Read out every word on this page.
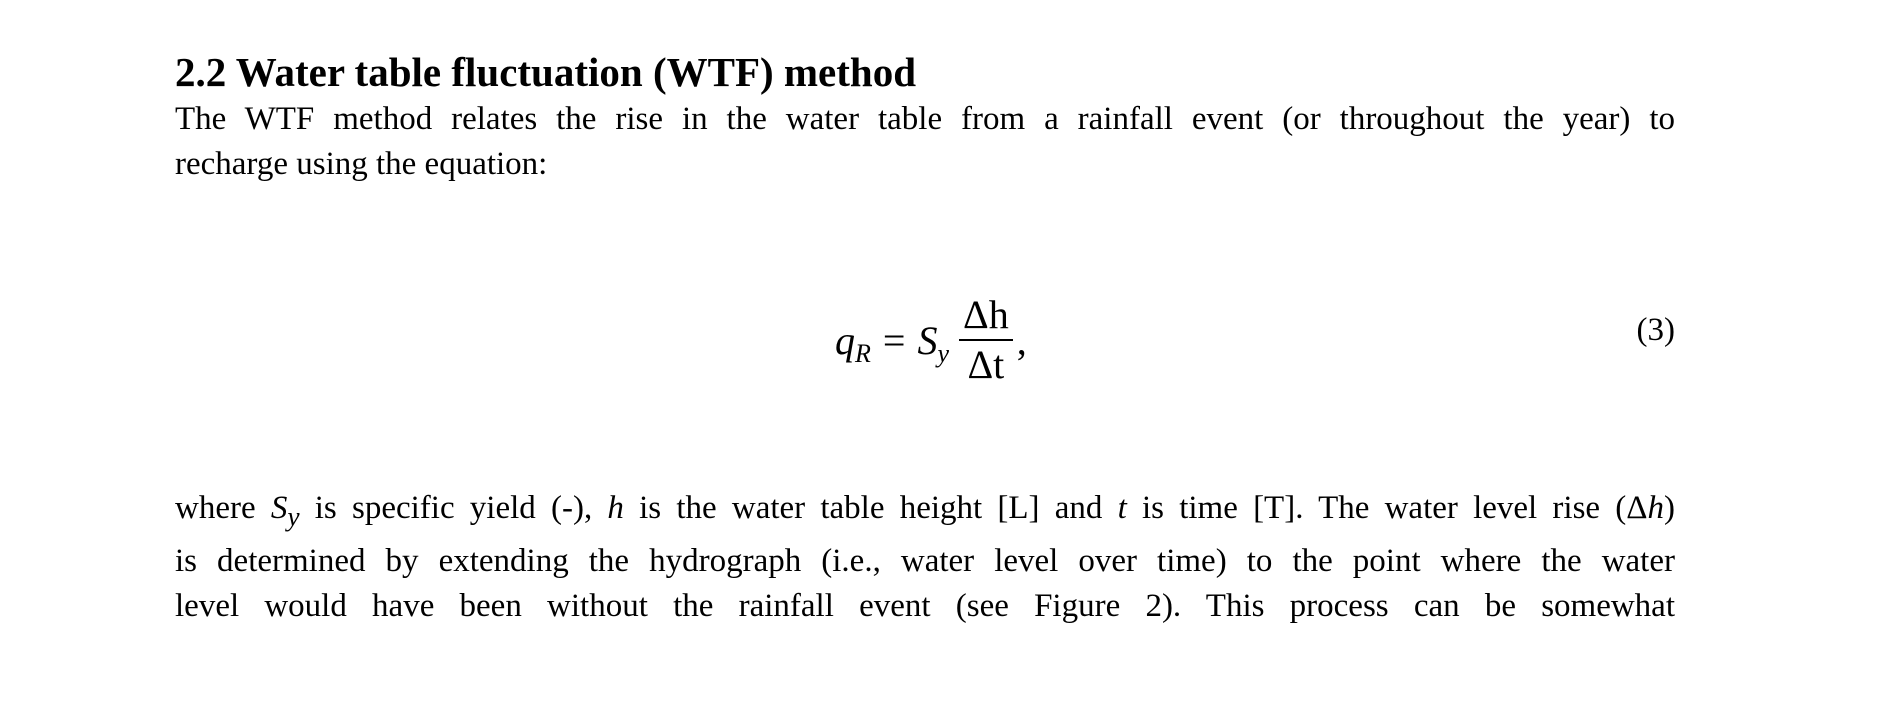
2.2 Water table fluctuation (WTF) method

The WTF method relates the rise in the water table from a rainfall event (or throughout the year) to
recharge using the equation:

q R = S y $\frac{\Delta h}{\Delta t}$ ,	(3)

where $S_y$ is specific yield (-), h is the water table height [L] and t is time [T]. The water level rise (Δh)
is determined by extending the hydrograph (i.e., water level over time) to the point where the water
level would have been without the rainfall event (see Figure 2). This process can be somewhat
